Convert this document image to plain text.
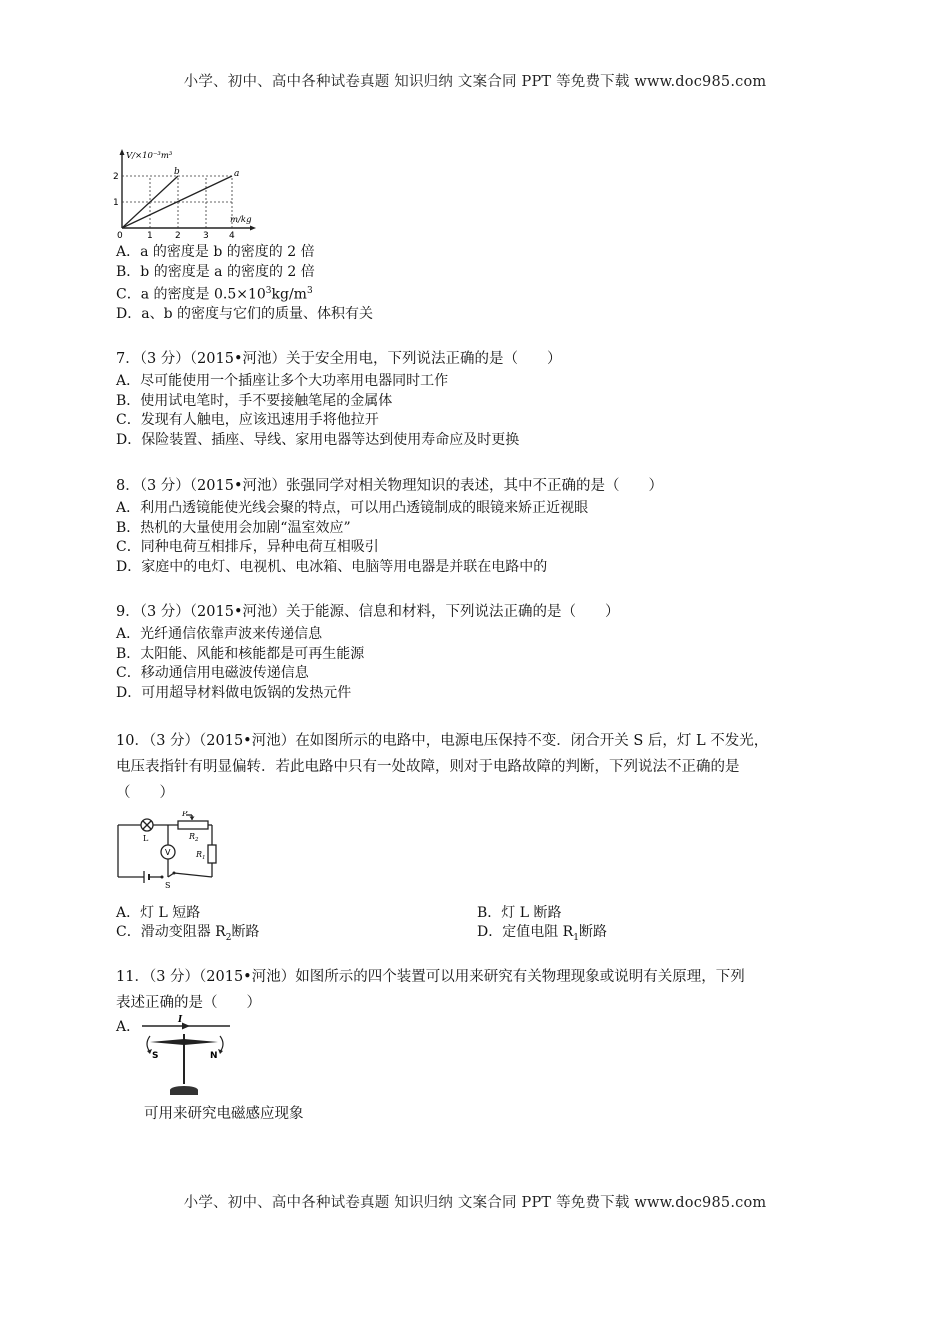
小学、初中、高中各种试卷真题 知识归纳 文案合同 PPT 等免费下载 www.doc985.com
V/×10⁻³m³
m/kg
b	a
1
2
0	1 2 3 4
A．a 的密度是 b 的密度的 2 倍
B．b 的密度是 a 的密度的 2 倍
C．a 的密度是 $0.5\times 10^3kg/m^3$
D．a、b 的密度与它们的质量、体积有关
7．（3 分）（2015•河池）关于安全用电，下列说法正确的是（　　）
A．尽可能使用一个插座让多个大功率用电器同时工作
B．使用试电笔时，手不要接触笔尾的金属体
C．发现有人触电，应该迅速用手将他拉开
D．保险装置、插座、导线、家用电器等达到使用寿命应及时更换
8．（3 分）（2015•河池）张强同学对相关物理知识的表述，其中不正确的是（　　）
A．利用凸透镜能使光线会聚的特点，可以用凸透镜制成的眼镜来矫正近视眼
B．热机的大量使用会加剧“温室效应”
C．同种电荷互相排斥，异种电荷互相吸引
D．家庭中的电灯、电视机、电冰箱、电脑等用电器是并联在电路中的
9．（3 分）（2015•河池）关于能源、信息和材料，下列说法正确的是（　　）
A．光纤通信依靠声波来传递信息
B．太阳能、风能和核能都是可再生能源
C．移动通信用电磁波传递信息
D．可用超导材料做电饭锅的发热元件
10．（3 分）（2015•河池）在如图所示的电路中，电源电压保持不变．闭合开关 S 后，灯 L 不发光，
电压表指针有明显偏转．若此电路中只有一处故障，则对于电路故障的判断，下列说法不正确的是
（　　）
L
P
$R_2$
$R_1$
V
S
A．灯 L 短路	B．灯 L 断路
C．滑动变阻器 $R_2$断路	D．定值电阻 $R_1$断路
11．（3 分）（2015•河池）如图所示的四个装置可以用来研究有关物理现象或说明有关原理，下列
表述正确的是（　　）
A．	I
S	N
可用来研究电磁感应现象
小学、初中、高中各种试卷真题 知识归纳 文案合同 PPT 等免费下载 www.doc985.com
